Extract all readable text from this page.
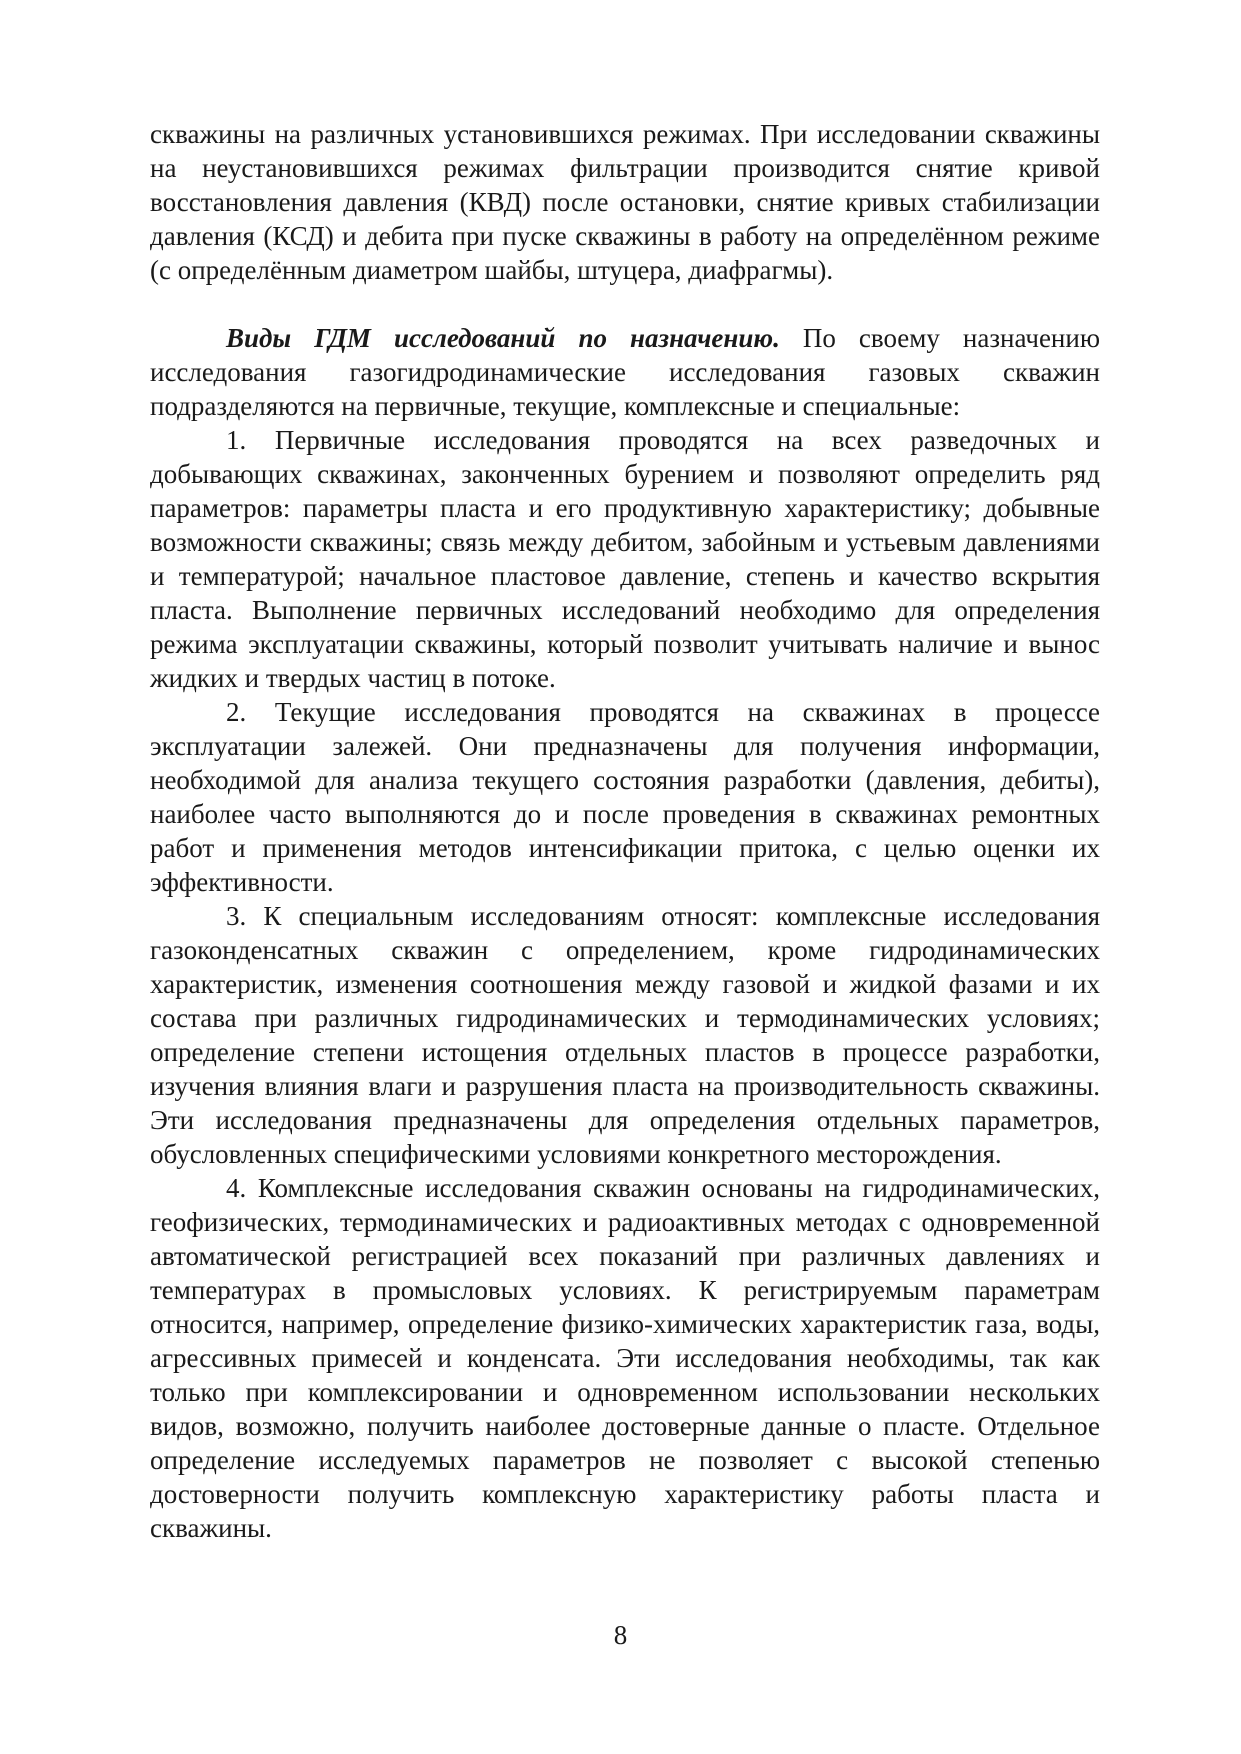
скважины на различных установившихся режимах. При исследовании скважины на неустановившихся режимах фильтрации производится снятие кривой восстановления давления (КВД) после остановки, снятие кривых стабилизации давления (КСД) и дебита при пуске скважины в работу на определённом режиме (с определённым диаметром шайбы, штуцера, диафрагмы).

Виды ГДМ исследований по назначению. По своему назначению исследования газогидродинамические исследования газовых скважин подразделяются на первичные, текущие, комплексные и специальные:

1. Первичные исследования проводятся на всех разведочных и добывающих скважинах, законченных бурением и позволяют определить ряд параметров: параметры пласта и его продуктивную характеристику; добывные возможности скважины; связь между дебитом, забойным и устьевым давлениями и температурой; начальное пластовое давление, степень и качество вскрытия пласта. Выполнение первичных исследований необходимо для определения режима эксплуатации скважины, который позволит учитывать наличие и вынос жидких и твердых частиц в потоке.

2. Текущие исследования проводятся на скважинах в процессе эксплуатации залежей. Они предназначены для получения информации, необходимой для анализа текущего состояния разработки (давления, дебиты), наиболее часто выполняются до и после проведения в скважинах ремонтных работ и применения методов интенсификации притока, с целью оценки их эффективности.

3. К специальным исследованиям относят: комплексные исследования газоконденсатных скважин с определением, кроме гидродинамических характеристик, изменения соотношения между газовой и жидкой фазами и их состава при различных гидродинамических и термодинамических условиях; определение степени истощения отдельных пластов в процессе разработки, изучения влияния влаги и разрушения пласта на производительность скважины. Эти исследования предназначены для определения отдельных параметров, обусловленных специфическими условиями конкретного месторождения.

4. Комплексные исследования скважин основаны на гидродинамических, геофизических, термодинамических и радиоактивных методах с одновременной автоматической регистрацией всех показаний при различных давлениях и температурах в промысловых условиях. К регистрируемым параметрам относится, например, определение физико-химических характеристик газа, воды, агрессивных примесей и конденсата. Эти исследования необходимы, так как только при комплексировании и одновременном использовании нескольких видов, возможно, получить наиболее достоверные данные о пласте. Отдельное определение исследуемых параметров не позволяет с высокой степенью достоверности получить комплексную характеристику работы пласта и скважины.

8
